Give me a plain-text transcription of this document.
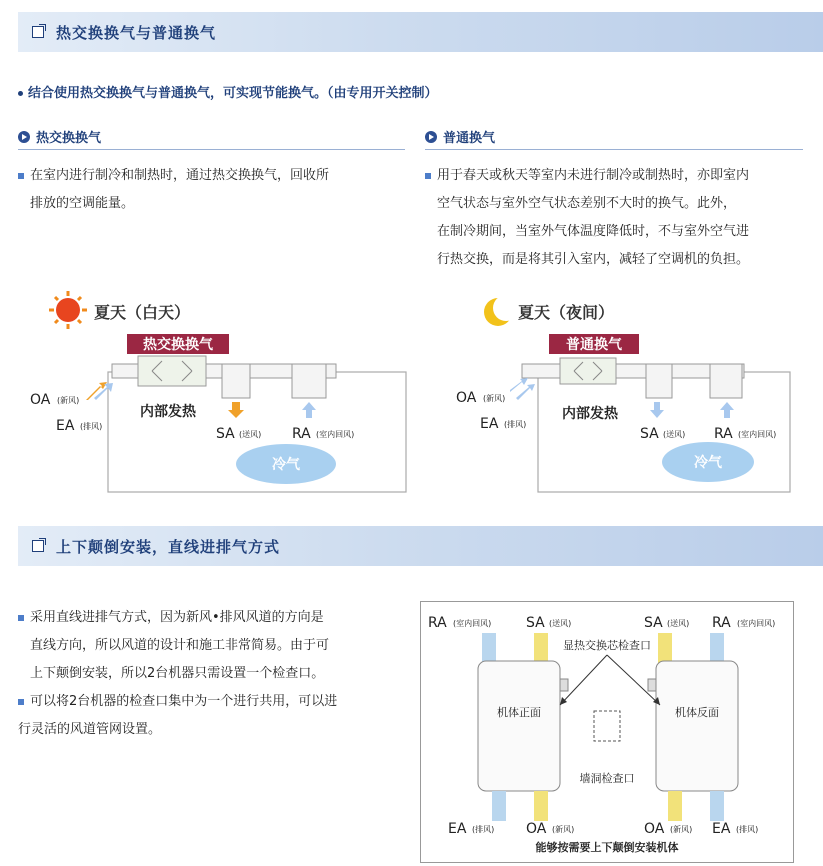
热交换换气与普通换气
结合使用热交换换气与普通换气，可实现节能换气。（由专用开关控制）
热交换换气	普通换气
在室内进行制冷和制热时，通过热交换换气，回收所
排放的空调能量。
用于春天或秋天等室内未进行制冷或制热时，亦即室内
空气状态与室外空气状态差别不大时的换气。此外，
在制冷期间，当室外气体温度降低时，不与室外空气进
行热交换，而是将其引入室内，减轻了空调机的负担。
夏天（白天）
热交换换气
OA (新风)
EA (排风)
内部发热
SA (送风) RA (室内回风)
冷气
夏天（夜间）
普通换气
OA (新风)
EA (排风)
内部发热
SA (送风) RA (室内回风)
冷气
上下颠倒安装，直线进排气方式
采用直线进排气方式，因为新风•排风风道的方向是
直线方向，所以风道的设计和施工非常简易。由于可
上下颠倒安装，所以2台机器只需设置一个检查口。
可以将2台机器的检查口集中为一个进行共用，可以进
行灵活的风道管网设置。
RA (室内回风) SA (送风)	SA (送风) RA (室内回风)
机体正面	机体反面
显热交换芯检查口
墙洞检查口
EA (排风) OA (新风)	OA (新风) EA (排风)
能够按需要上下颠倒安装机体
